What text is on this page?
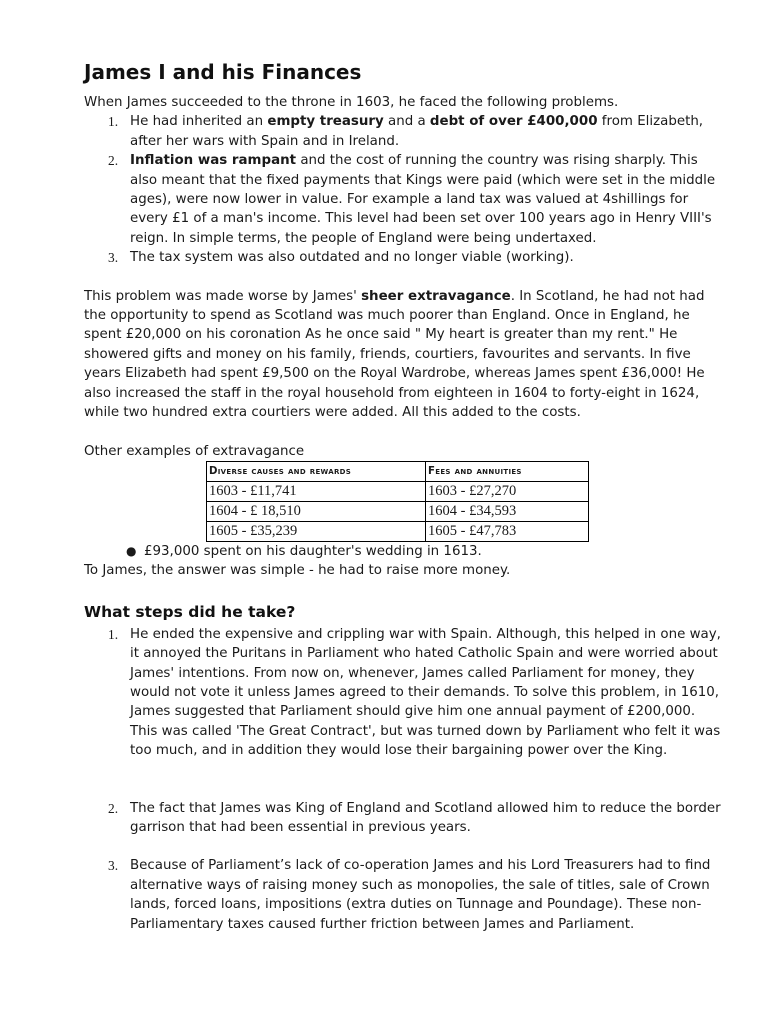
James I and his Finances

When James succeeded to the throne in 1603, he faced the following problems.

1. He had inherited an empty treasury and a debt of over £400,000 from Elizabeth, after her wars with Spain and in Ireland.
2. Inflation was rampant and the cost of running the country was rising sharply. This also meant that the fixed payments that Kings were paid (which were set in the middle ages), were now lower in value. For example a land tax was valued at 4shillings for every £1 of a man's income. This level had been set over 100 years ago in Henry VIII's reign. In simple terms, the people of England were being undertaxed.
3. The tax system was also outdated and no longer viable (working).

This problem was made worse by James' sheer extravagance. In Scotland, he had not had the opportunity to spend as Scotland was much poorer than England. Once in England, he spent £20,000 on his coronation As he once said " My heart is greater than my rent." He showered gifts and money on his family, friends, courtiers, favourites and servants. In five years Elizabeth had spent £9,500 on the Royal Wardrobe, whereas James spent £36,000! He also increased the staff in the royal household from eighteen in 1604 to forty-eight in 1624, while two hundred extra courtiers were added. All this added to the costs.

Other examples of extravagance

Diverse causes and rewards	Fees and annuities
1603 - £11,741	1603 - £27,270
1604 - £ 18,510	1604 - £34,593
1605 - £35,239	1605 - £47,783
● £93,000 spent on his daughter's wedding in 1613.

To James, the answer was simple - he had to raise more money.

What steps did he take?
1. He ended the expensive and crippling war with Spain. Although, this helped in one way, it annoyed the Puritans in Parliament who hated Catholic Spain and were worried about James' intentions. From now on, whenever, James called Parliament for money, they would not vote it unless James agreed to their demands. To solve this problem, in 1610, James suggested that Parliament should give him one annual payment of £200,000. This was called 'The Great Contract', but was turned down by Parliament who felt it was too much, and in addition they would lose their bargaining power over the King.
2. The fact that James was King of England and Scotland allowed him to reduce the border garrison that had been essential in previous years.
3. Because of Parliament’s lack of co-operation James and his Lord Treasurers had to find alternative ways of raising money such as monopolies, the sale of titles, sale of Crown lands, forced loans, impositions (extra duties on Tunnage and Poundage). These non-Parliamentary taxes caused further friction between James and Parliament.
